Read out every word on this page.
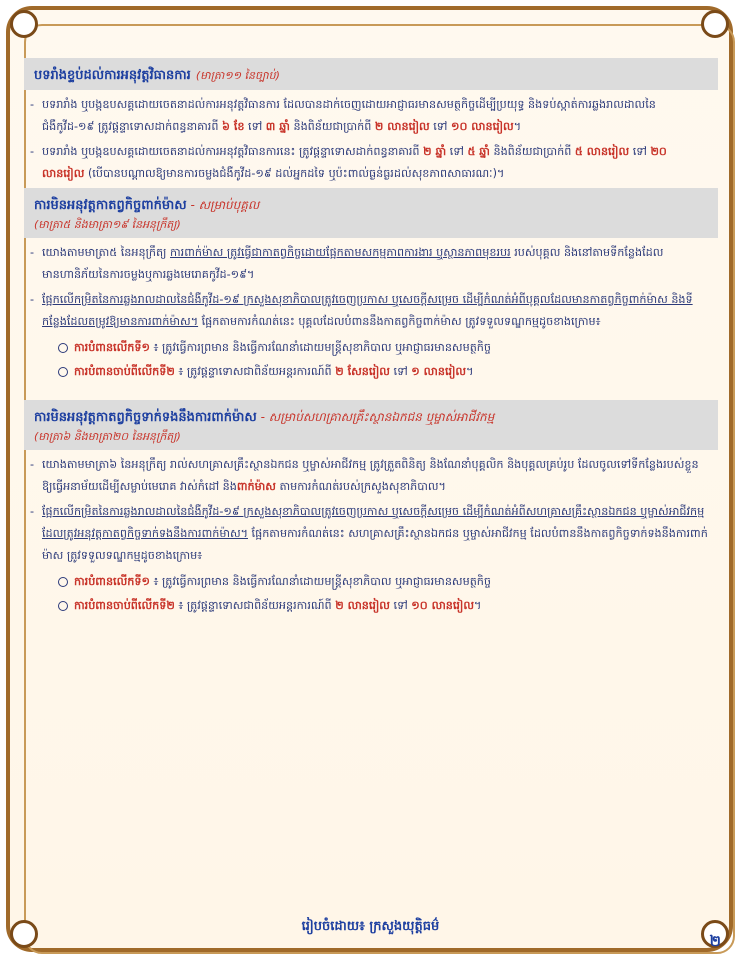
បទរាំងខ្ទប់ដល់ការអនុវត្តវិធានការ (មាត្រា១១ នៃច្បាប់)
- បទរារាំង ឬបង្កឧបសគ្គដោយចេតនាដល់ការអនុវត្តវិធានការ ដែលបានដាក់ចេញដោយអាជ្ញាធរមានសមត្ថកិច្ចដើម្បីប្រយុទ្ធ និងទប់ស្កាត់ការឆ្លងរាលដាលនៃជំងឺកូវីដ-១៩ ត្រូវផ្តន្ទាទោសដាក់ពន្ធនាគារពី ៦ ខែ ទៅ ៣ ឆ្នាំ និងពិន័យជាប្រាក់ពី ២ លានរៀល ទៅ ១០ លានរៀល។
- បទរារាំង ឬបង្កឧបសគ្គដោយចេតនាដល់ការអនុវត្តវិធានការនេះ ត្រូវផ្តន្ទាទោសដាក់ពន្ធនាគារពី ២ ឆ្នាំ ទៅ ៥ ឆ្នាំ និងពិន័យជាប្រាក់ពី ៥ លានរៀល ទៅ ២០ លានរៀល (បើបានបណ្តាលឱ្យមានការចម្លងជំងឺកូវីដ-១៩ ដល់អ្នកដទៃ ឬប៉ះពាល់ធ្ងន់ធ្ងរដល់សុខភាពសាធារណៈ)។
ការមិនអនុវត្តកាតព្វកិច្ចពាក់ម៉ាស - សម្រាប់បុគ្គល
(មាត្រា៥ និងមាត្រា១៩ នៃអនុក្រឹត្យ)
- យោងតាមមាត្រា៥ នៃអនុក្រឹត្យ ការពាក់ម៉ាស ត្រូវធ្វើជាកាតព្វកិច្ចដោយផ្អែកតាមសកម្មភាពការងារ ឬស្ថានភាពមុខរបរ របស់បុគ្គល និងនៅតាមទីកន្លែងដែលមានហានិភ័យនៃការចម្លងឬការឆ្លងមេរោគកូវីដ-១៩។
- ផ្អែកលើកម្រិតនៃការឆ្លងរាលដាលនៃជំងឺកូវីដ-១៩ ក្រសួងសុខាភិបាលត្រូវចេញប្រកាស ឬសេចក្តីសម្រេច ដើម្បីកំណត់អំពីបុគ្គលដែលមានកាតព្វកិច្ចពាក់ម៉ាស និងទីកន្លែងដែលតម្រូវឱ្យមានការពាក់ម៉ាស។ ផ្អែកតាមការកំណត់នេះ បុគ្គលដែលបំពាននឹងកាតព្វកិច្ចពាក់ម៉ាស ត្រូវទទួលទណ្ឌកម្មដូចខាងក្រោម៖
ការបំពានលើកទី១ ៖ ត្រូវធ្វើការព្រមាន និងធ្វើការណែនាំដោយមន្ត្រីសុខាភិបាល ឬអាជ្ញាធរមានសមត្ថកិច្ច
ការបំពានចាប់ពីលើកទី២ ៖ ត្រូវផ្តន្ទាទោសជាពិន័យអន្តរការណ៍ពី ២ សែនរៀល ទៅ ១ លានរៀល។
ការមិនអនុវត្តកាតព្វកិច្ចទាក់ទងនឹងការពាក់ម៉ាស - សម្រាប់សហគ្រាសគ្រឹះស្ថានឯកជន ឬម្ចាស់អាជីវកម្ម
(មាត្រា៦ និងមាត្រា២០ នៃអនុក្រឹត្យ)
- យោងតាមមាត្រា៦ នៃអនុក្រឹត្យ រាល់សហគ្រាសគ្រឹះស្ថានឯកជន ឬម្ចាស់អាជីវកម្ម ត្រូវត្រួតពិនិត្យ និងណែនាំបុគ្គលិក និងបុគ្គលគ្រប់រូប ដែលចូលទៅទីកន្លែងរបស់ខ្លួន ឱ្យធ្វើអនាម័យដើម្បីសម្លាប់មេរោគ វាស់កំដៅ និងពាក់ម៉ាស តាមការកំណត់របស់ក្រសួងសុខាភិបាល។
- ផ្អែកលើកម្រិតនៃការឆ្លងរាលដាលនៃជំងឺកូវីដ-១៩ ក្រសួងសុខាភិបាលត្រូវចេញប្រកាស ឬសេចក្តីសម្រេច ដើម្បីកំណត់អំពីសហគ្រាសគ្រឹះស្ថានឯកជន ឬម្ចាស់អាជីវកម្ម ដែលត្រូវអនុវត្តកាតព្វកិច្ចទាក់ទងនឹងការពាក់ម៉ាស។ ផ្អែកតាមការកំណត់នេះ សហគ្រាសគ្រឹះស្ថានឯកជន ឬម្ចាស់អាជីវកម្ម ដែលបំពាននឹងកាតព្វកិច្ចទាក់ទងនឹងការពាក់ម៉ាស ត្រូវទទួលទណ្ឌកម្មដូចខាងក្រោម៖
ការបំពានលើកទី១ ៖ ត្រូវធ្វើការព្រមាន និងធ្វើការណែនាំដោយមន្ត្រីសុខាភិបាល ឬអាជ្ញាធរមានសមត្ថកិច្ច
ការបំពានចាប់ពីលើកទី២ ៖ ត្រូវផ្តន្ទាទោសជាពិន័យអន្តរការណ៍ពី ២ លានរៀល ទៅ ១០ លានរៀល។
រៀបចំដោយ៖ ក្រសួងយុត្តិធម៌
២
